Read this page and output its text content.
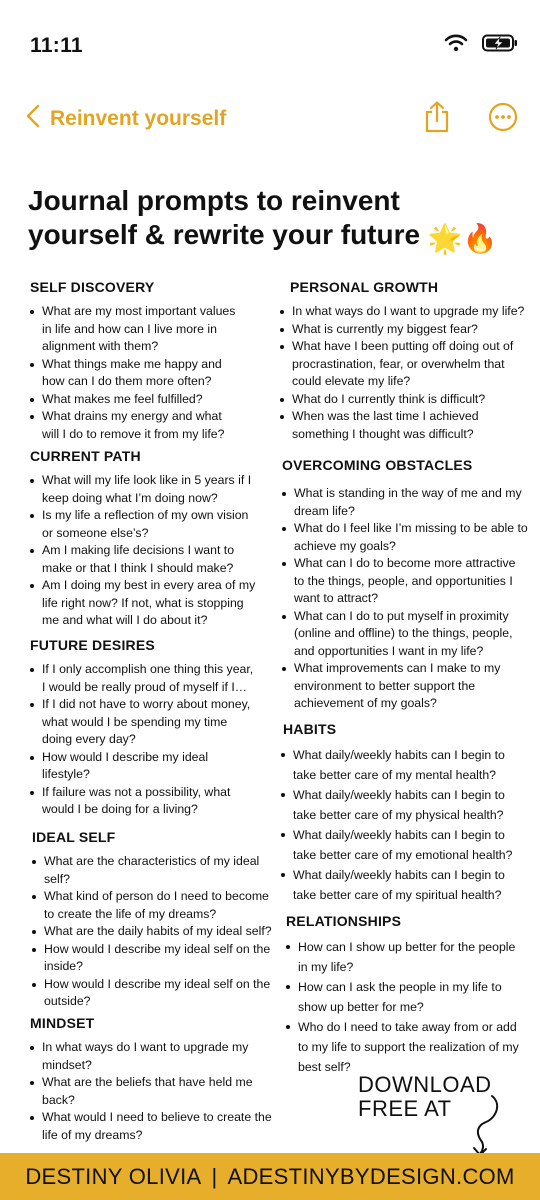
11:11
Reinvent yourself
Journal prompts to reinvent
yourself & rewrite your future 🌟🔥
SELF DISCOVERY
What are my most important values
in life and how can I live more in
alignment with them?
What things make me happy and
how can I do them more often?
What makes me feel fulfilled?
What drains my energy and what
will I do to remove it from my life?
CURRENT PATH
What will my life look like in 5 years if I
keep doing what I’m doing now?
Is my life a reflection of my own vision
or someone else’s?
Am I making life decisions I want to
make or that I think I should make?
Am I doing my best in every area of my
life right now? If not, what is stopping
me and what will I do about it?
FUTURE DESIRES
If I only accomplish one thing this year,
I would be really proud of myself if I…
If I did not have to worry about money,
what would I be spending my time
doing every day?
How would I describe my ideal
lifestyle?
If failure was not a possibility, what
would I be doing for a living?
IDEAL SELF
What are the characteristics of my ideal
self?
What kind of person do I need to become
to create the life of my dreams?
What are the daily habits of my ideal self?
How would I describe my ideal self on the
inside?
How would I describe my ideal self on the
outside?
MINDSET
In what ways do I want to upgrade my
mindset?
What are the beliefs that have held me
back?
What would I need to believe to create the
life of my dreams?
PERSONAL GROWTH
In what ways do I want to upgrade my life?
What is currently my biggest fear?
What have I been putting off doing out of
procrastination, fear, or overwhelm that
could elevate my life?
What do I currently think is difficult?
When was the last time I achieved
something I thought was difficult?
OVERCOMING OBSTACLES
What is standing in the way of me and my
dream life?
What do I feel like I’m missing to be able to
achieve my goals?
What can I do to become more attractive
to the things, people, and opportunities I
want to attract?
What can I do to put myself in proximity
(online and offline) to the things, people,
and opportunities I want in my life?
What improvements can I make to my
environment to better support the
achievement of my goals?
HABITS
What daily/weekly habits can I begin to
take better care of my mental health?
What daily/weekly habits can I begin to
take better care of my physical health?
What daily/weekly habits can I begin to
take better care of my emotional health?
What daily/weekly habits can I begin to
take better care of my spiritual health?
RELATIONSHIPS
How can I show up better for the people
in my life?
How can I ask the people in my life to
show up better for me?
Who do I need to take away from or add
to my life to support the realization of my
best self?
DOWNLOAD
FREE AT
DESTINY OLIVIA | ADESTINYBYDESIGN.COM
